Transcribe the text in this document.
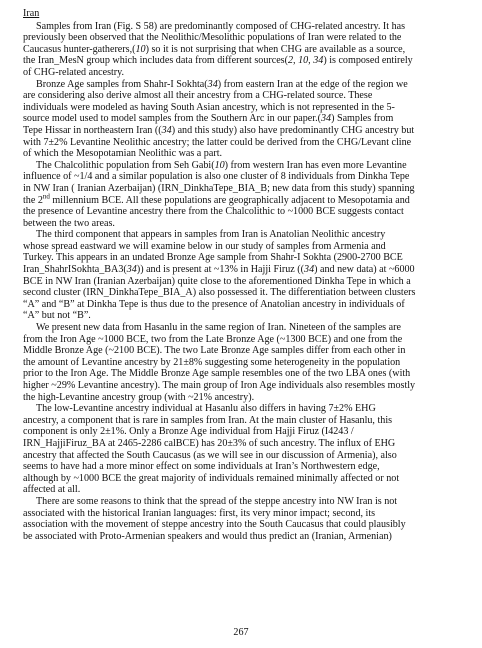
Iran

Samples from Iran (Fig. S 58) are predominantly composed of CHG-related ancestry. It has
previously been observed that the Neolithic/Mesolithic populations of Iran were related to the
Caucasus hunter-gatherers,(10) so it is not surprising that when CHG are available as a source,
the Iran_MesN group which includes data from different sources(2, 10, 34) is composed entirely
of CHG-related ancestry.

Bronze Age samples from Shahr-I Sokhta(34) from eastern Iran at the edge of the region we
are considering also derive almost all their ancestry from a CHG-related source. These
individuals were modeled as having South Asian ancestry, which is not represented in the 5-
source model used to model samples from the Southern Arc in our paper.(34) Samples from
Tepe Hissar in northeastern Iran ((34) and this study) also have predominantly CHG ancestry but
with 7±2% Levantine Neolithic ancestry; the latter could be derived from the CHG/Levant cline
of which the Mesopotamian Neolithic was a part.

The Chalcolithic population from Seh Gabi(10) from western Iran has even more Levantine
influence of ~1/4 and a similar population is also one cluster of 8 individuals from Dinkha Tepe
in NW Iran ( Iranian Azerbaijan) (IRN_DinkhaTepe_BIA_B; new data from this study) spanning
the 2nd millennium BCE. All these populations are geographically adjacent to Mesopotamia and
the presence of Levantine ancestry there from the Chalcolithic to ~1000 BCE suggests contact
between the two areas.

The third component that appears in samples from Iran is Anatolian Neolithic ancestry
whose spread eastward we will examine below in our study of samples from Armenia and
Turkey. This appears in an undated Bronze Age sample from Shahr-I Sokhta (2900-2700 BCE
Iran_ShahrISokhta_BA3(34)) and is present at ~13% in Hajji Firuz ((34) and new data) at ~6000
BCE in NW Iran (Iranian Azerbaijan) quite close to the aforementioned Dinkha Tepe in which a
second cluster (IRN_DinkhaTepe_BIA_A) also possessed it. The differentiation between clusters
“A” and “B” at Dinkha Tepe is thus due to the presence of Anatolian ancestry in individuals of
“A” but not “B”.

We present new data from Hasanlu in the same region of Iran. Nineteen of the samples are
from the Iron Age ~1000 BCE, two from the Late Bronze Age (~1300 BCE) and one from the
Middle Bronze Age (~2100 BCE). The two Late Bronze Age samples differ from each other in
the amount of Levantine ancestry by 21±8% suggesting some heterogeneity in the population
prior to the Iron Age. The Middle Bronze Age sample resembles one of the two LBA ones (with
higher ~29% Levantine ancestry). The main group of Iron Age individuals also resembles mostly
the high-Levantine ancestry group (with ~21% ancestry).

The low-Levantine ancestry individual at Hasanlu also differs in having 7±2% EHG
ancestry, a component that is rare in samples from Iran. At the main cluster of Hasanlu, this
component is only 2±1%. Only a Bronze Age individual from Hajji Firuz (I4243 /
IRN_HajjiFiruz_BA at 2465-2286 calBCE) has 20±3% of such ancestry. The influx of EHG
ancestry that affected the South Caucasus (as we will see in our discussion of Armenia), also
seems to have had a more minor effect on some individuals at Iran’s Northwestern edge,
although by ~1000 BCE the great majority of individuals remained minimally affected or not
affected at all.

There are some reasons to think that the spread of the steppe ancestry into NW Iran is not
associated with the historical Iranian languages: first, its very minor impact; second, its
association with the movement of steppe ancestry into the South Caucasus that could plausibly
be associated with Proto-Armenian speakers and would thus predict an (Iranian, Armenian)

267
